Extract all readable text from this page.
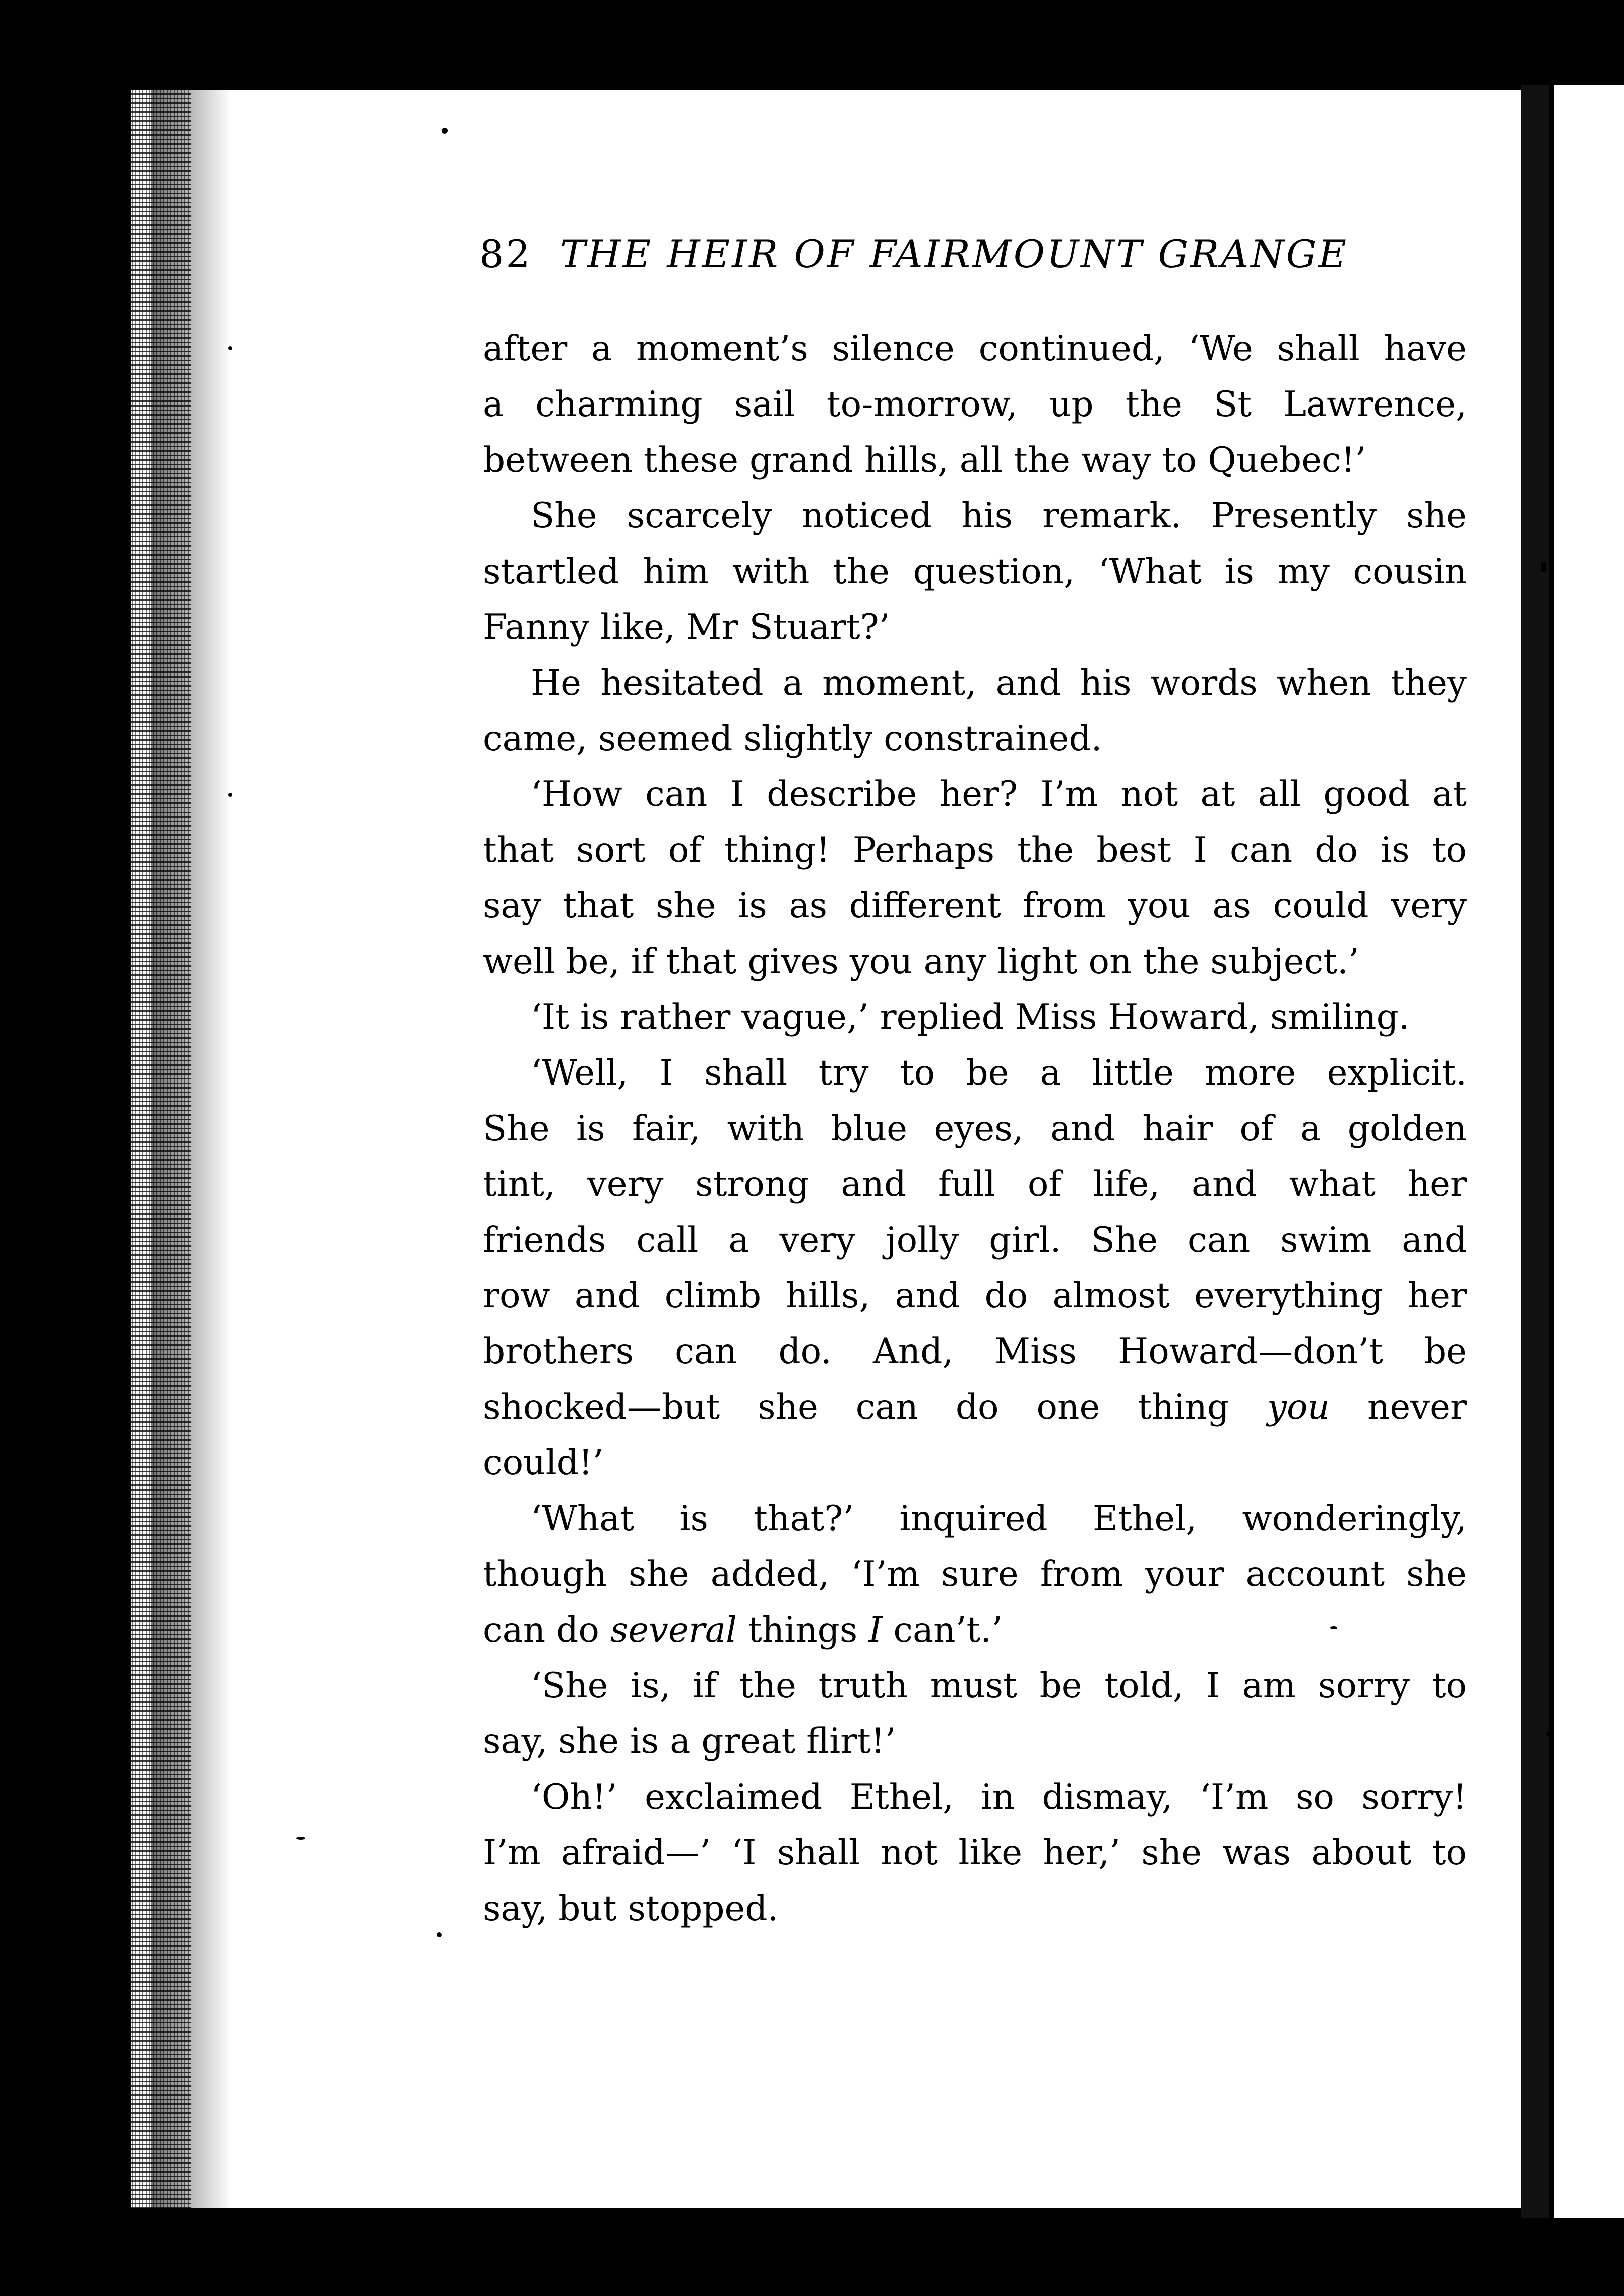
82 THE HEIR OF FAIRMOUNT GRANGE
after a moment’s silence continued, ‘We shall have
a charming sail to-morrow, up the St Lawrence,
between these grand hills, all the way to Quebec!’
She scarcely noticed his remark. Presently she
startled him with the question, ‘What is my cousin
Fanny like, Mr Stuart?’
He hesitated a moment, and his words when they
came, seemed slightly constrained.
‘How can I describe her? I’m not at all good at
that sort of thing! Perhaps the best I can do is to
say that she is as different from you as could very
well be, if that gives you any light on the subject.’
‘It is rather vague,’ replied Miss Howard, smiling.
‘Well, I shall try to be a little more explicit.
She is fair, with blue eyes, and hair of a golden
tint, very strong and full of life, and what her
friends call a very jolly girl. She can swim and
row and climb hills, and do almost everything her
brothers can do. And, Miss Howard—don’t be
shocked—but she can do one thing you never
could!’
‘What is that?’ inquired Ethel, wonderingly,
though she added, ‘I’m sure from your account she
can do several things I can’t.’
‘She is, if the truth must be told, I am sorry to
say, she is a great flirt!’
‘Oh!’ exclaimed Ethel, in dismay, ‘I’m so sorry!
I’m afraid—’ ‘I shall not like her,’ she was about to
say, but stopped.
